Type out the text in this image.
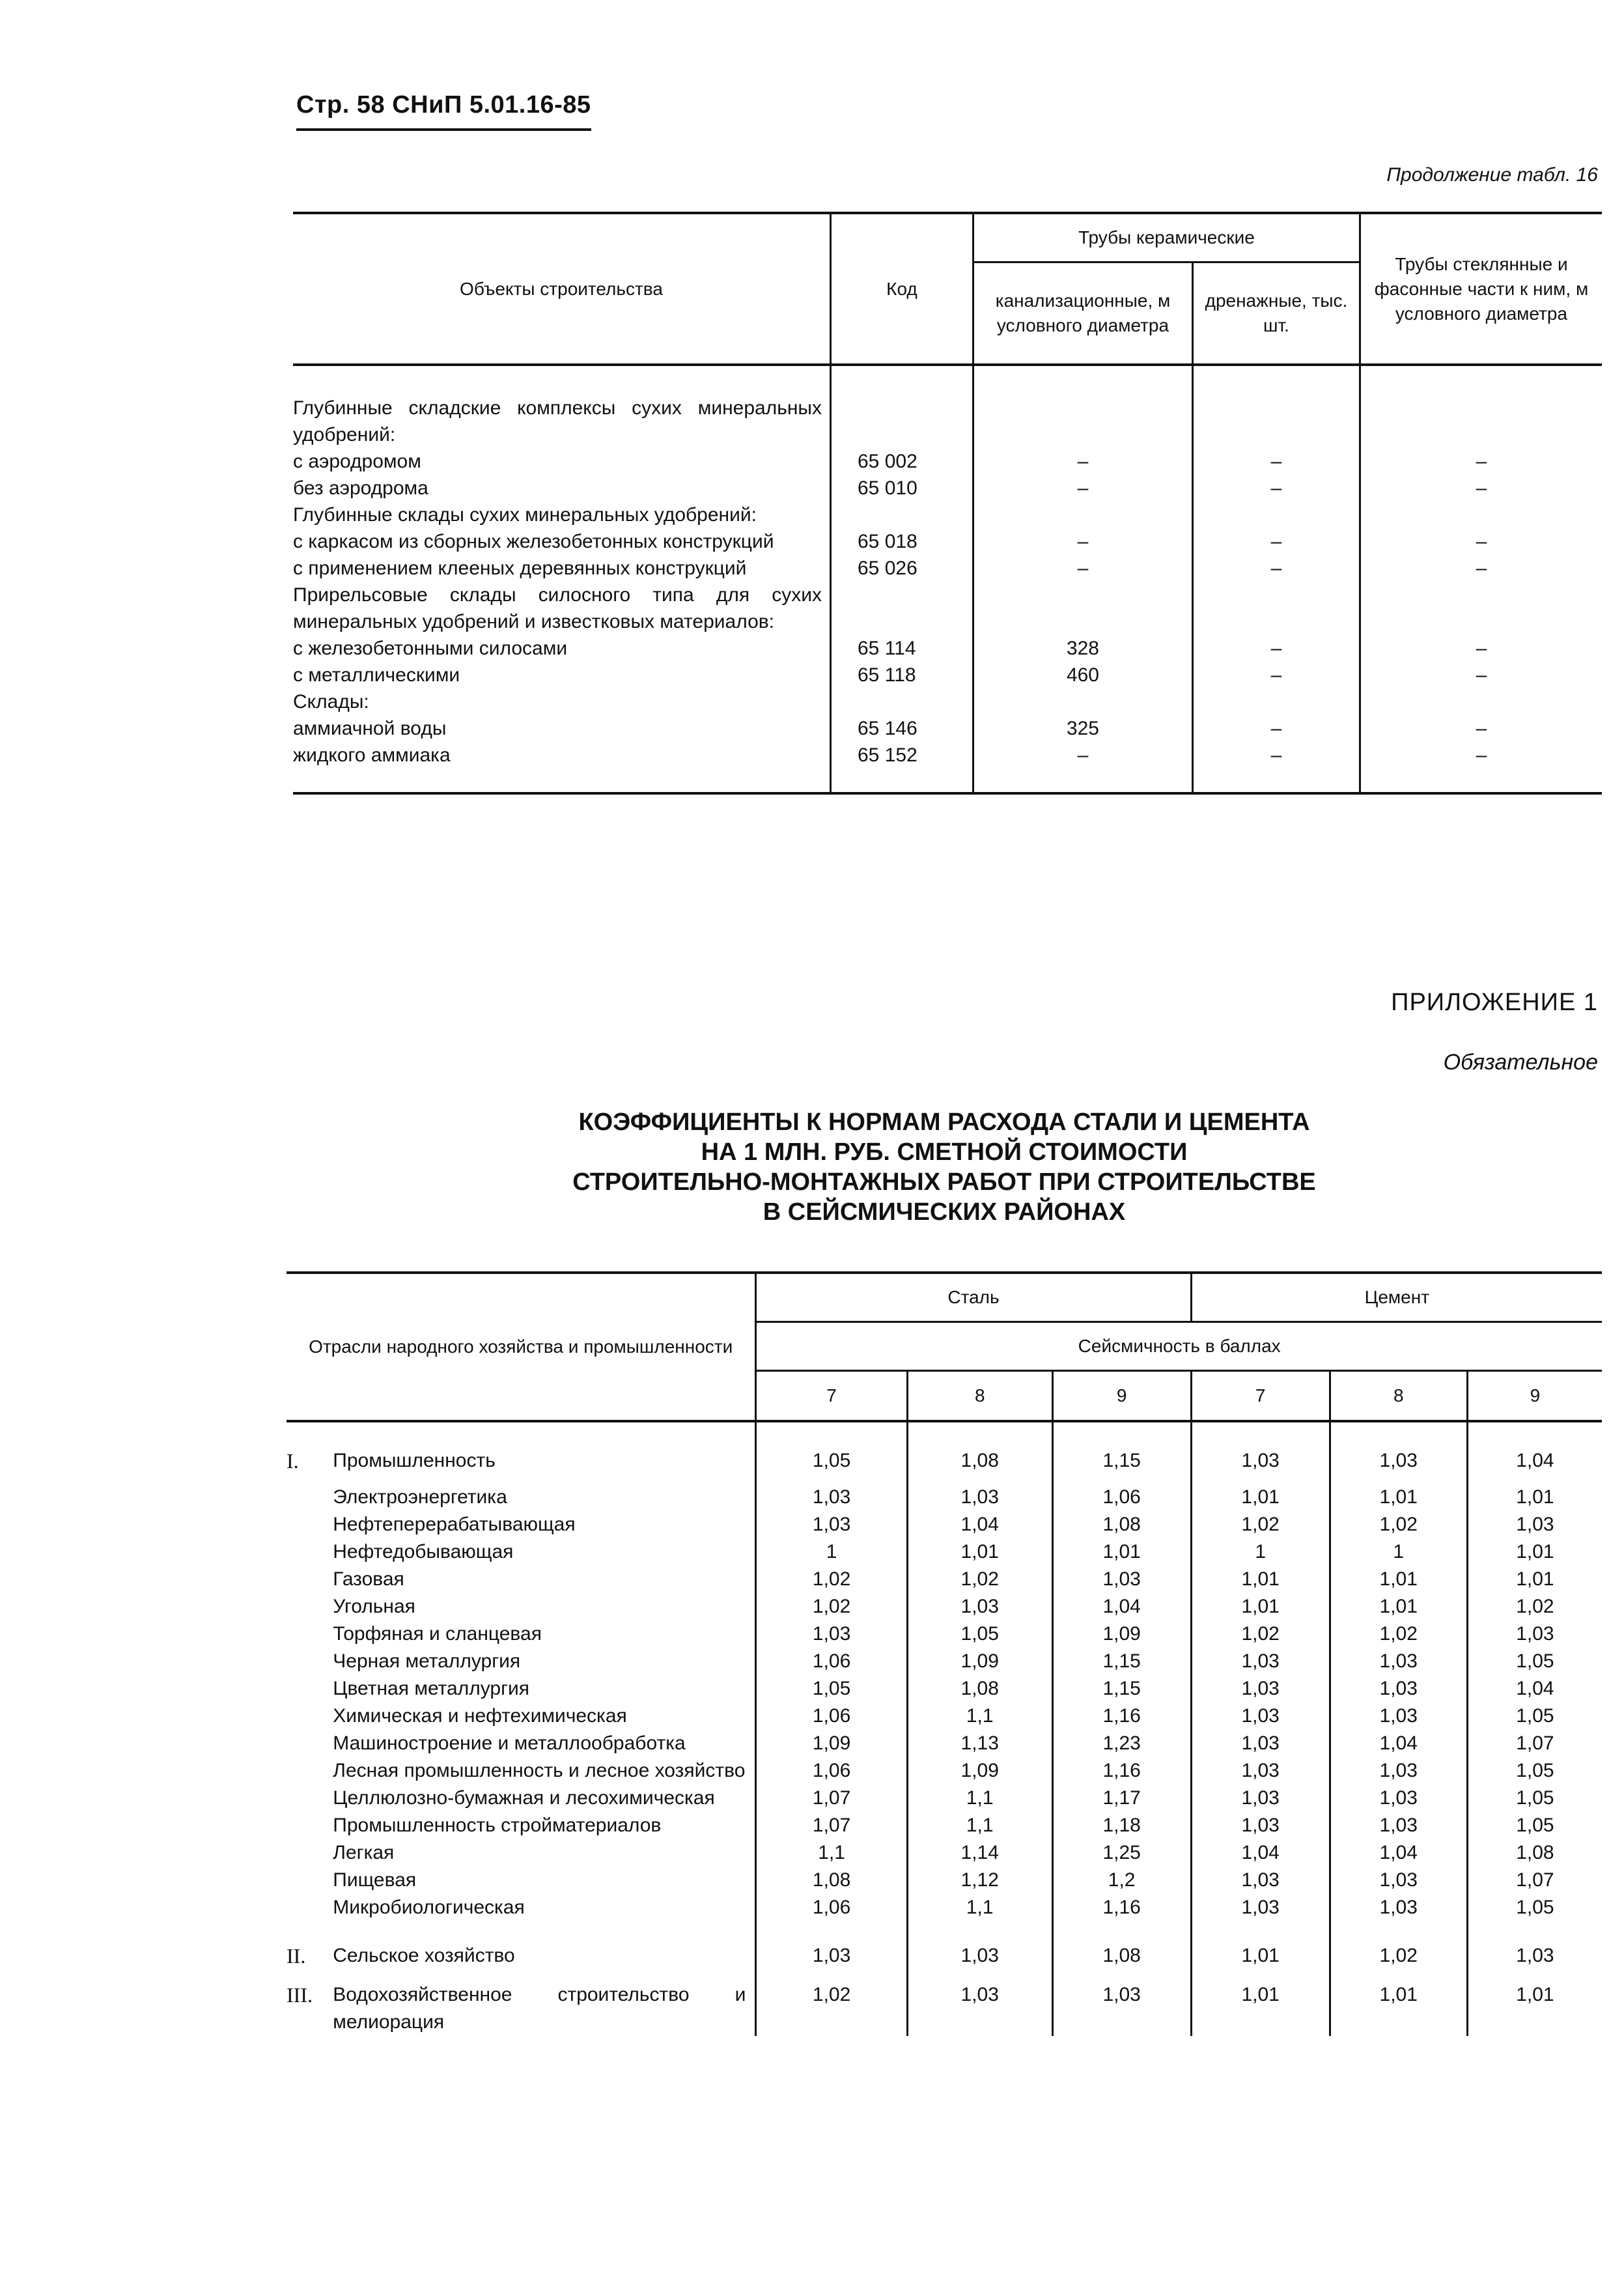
Стр. 58 СНиП 5.01.16-85
Продолжение табл. 16
Объекты строительства	Код	Трубы керамические		Трубы стеклянные и фасонные части к ним, м условного диаметра
		канализационные, м условного диаметра	дренажные, тыс. шт.	
Глубинные складские комплексы сухих минеральных удобрений:				
с аэродромом	65 002	–	–	–
без аэродрома	65 010	–	–	–
Глубинные склады сухих минеральных удобрений:				
с каркасом из сборных железобетонных конструкций	65 018	–	–	–
с применением клееных деревянных конструкций	65 026	–	–	–
Прирельсовые склады силосного типа для сухих минеральных удобрений и известковых материалов:				
с железобетонными силосами	65 114	328	–	–
с металлическими	65 118	460	–	–
Склады:				
аммиачной воды	65 146	325	–	–
жидкого аммиака	65 152	–	–	–
ПРИЛОЖЕНИЕ 1
Обязательное
КОЭФФИЦИЕНТЫ К НОРМАМ РАСХОДА СТАЛИ И ЦЕМЕНТА
НА 1 МЛН. РУБ. СМЕТНОЙ СТОИМОСТИ
СТРОИТЕЛЬНО-МОНТАЖНЫХ РАБОТ ПРИ СТРОИТЕЛЬСТВЕ
В СЕЙСМИЧЕСКИХ РАЙОНАХ
Отрасли народного хозяйства и промышленности		Сталь			Цемент		
		Сейсмичность в баллах					
		7	8	9	7	8	9
I.	Промышленность	1,05	1,08	1,15	1,03	1,03	1,04
	Электроэнергетика	1,03	1,03	1,06	1,01	1,01	1,01
	Нефтеперерабатывающая	1,03	1,04	1,08	1,02	1,02	1,03
	Нефтедобывающая	1	1,01	1,01	1	1	1,01
	Газовая	1,02	1,02	1,03	1,01	1,01	1,01
	Угольная	1,02	1,03	1,04	1,01	1,01	1,02
	Торфяная и сланцевая	1,03	1,05	1,09	1,02	1,02	1,03
	Черная металлургия	1,06	1,09	1,15	1,03	1,03	1,05
	Цветная металлургия	1,05	1,08	1,15	1,03	1,03	1,04
	Химическая и нефтехимическая	1,06	1,1	1,16	1,03	1,03	1,05
	Машиностроение и металлообработка	1,09	1,13	1,23	1,03	1,04	1,07
	Лесная промышленность и лесное хозяйство	1,06	1,09	1,16	1,03	1,03	1,05
	Целлюлозно-бумажная и лесохимическая	1,07	1,1	1,17	1,03	1,03	1,05
	Промышленность стройматериалов	1,07	1,1	1,18	1,03	1,03	1,05
	Легкая	1,1	1,14	1,25	1,04	1,04	1,08
	Пищевая	1,08	1,12	1,2	1,03	1,03	1,07
	Микробиологическая	1,06	1,1	1,16	1,03	1,03	1,05
II.	Сельское хозяйство	1,03	1,03	1,08	1,01	1,02	1,03
III.	Водохозяйственное строительство и мелиорация	1,02	1,03	1,03	1,01	1,01	1,01
